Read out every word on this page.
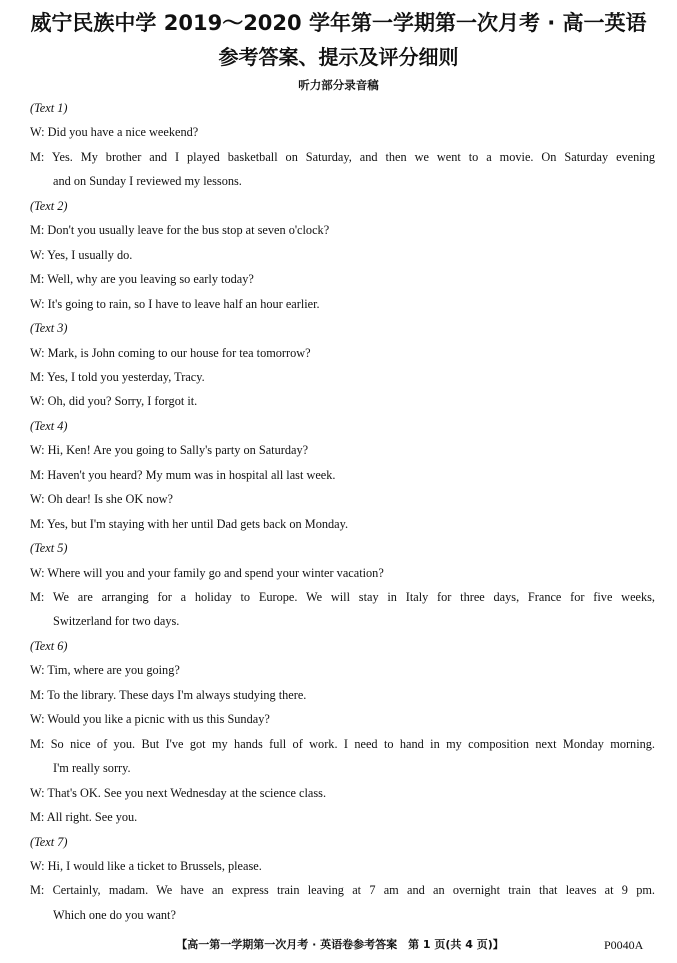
威宁民族中学 2019～2020 学年第一学期第一次月考 · 高一英语
参考答案、提示及评分细则
听力部分录音稿
(Text 1)
W: Did you have a nice weekend?
M: Yes. My brother and I played basketball on Saturday, and then we went to a movie. On Saturday evening
and on Sunday I reviewed my lessons.
(Text 2)
M: Don't you usually leave for the bus stop at seven o'clock?
W: Yes, I usually do.
M: Well, why are you leaving so early today?
W: It's going to rain, so I have to leave half an hour earlier.
(Text 3)
W: Mark, is John coming to our house for tea tomorrow?
M: Yes, I told you yesterday, Tracy.
W: Oh, did you? Sorry, I forgot it.
(Text 4)
W: Hi, Ken! Are you going to Sally's party on Saturday?
M: Haven't you heard? My mum was in hospital all last week.
W: Oh dear! Is she OK now?
M: Yes, but I'm staying with her until Dad gets back on Monday.
(Text 5)
W: Where will you and your family go and spend your winter vacation?
M: We are arranging for a holiday to Europe. We will stay in Italy for three days, France for five weeks,
Switzerland for two days.
(Text 6)
W: Tim, where are you going?
M: To the library. These days I'm always studying there.
W: Would you like a picnic with us this Sunday?
M: So nice of you. But I've got my hands full of work. I need to hand in my composition next Monday morning.
I'm really sorry.
W: That's OK. See you next Wednesday at the science class.
M: All right. See you.
(Text 7)
W: Hi, I would like a ticket to Brussels, please.
M: Certainly, madam. We have an express train leaving at 7 am and an overnight train that leaves at 9 pm.
Which one do you want?
【高一第一学期第一次月考 · 英语卷参考答案　第 1 页(共 4 页)】	P0040A
